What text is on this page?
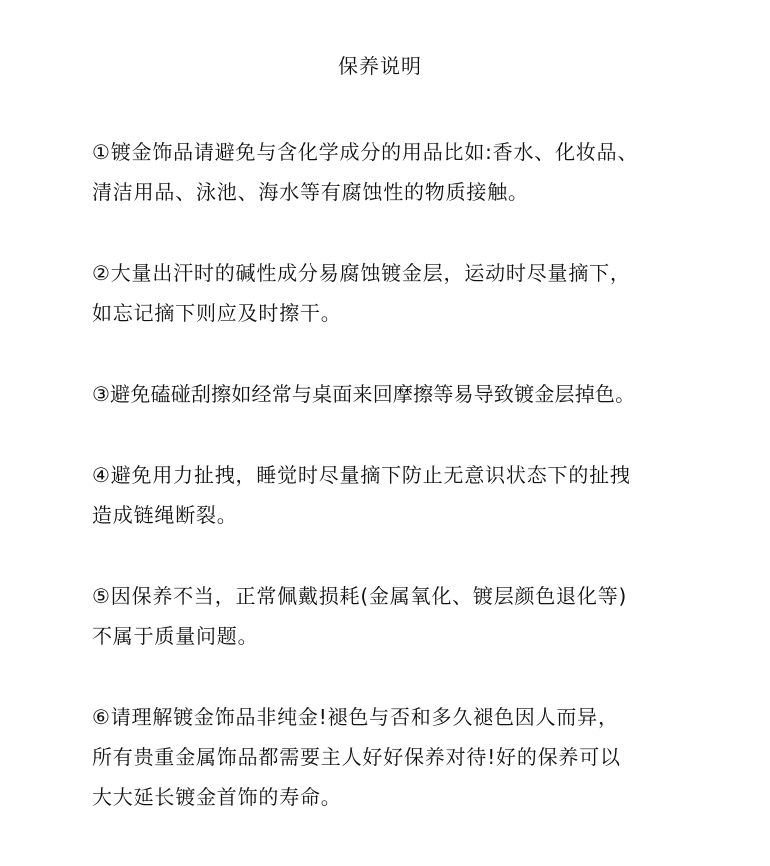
保养说明
①镀金饰品请避免与含化学成分的用品比如:香水、化妆品、
清洁用品、泳池、海水等有腐蚀性的物质接触。
②大量出汗时的碱性成分易腐蚀镀金层，运动时尽量摘下，
如忘记摘下则应及时擦干。
③避免磕碰刮擦如经常与桌面来回摩擦等易导致镀金层掉色。
④避免用力扯拽，睡觉时尽量摘下防止无意识状态下的扯拽
造成链绳断裂。
⑤因保养不当，正常佩戴损耗(金属氧化、镀层颜色退化等)
不属于质量问题。
⑥请理解镀金饰品非纯金!褪色与否和多久褪色因人而异，
所有贵重金属饰品都需要主人好好保养对待!好的保养可以
大大延长镀金首饰的寿命。
